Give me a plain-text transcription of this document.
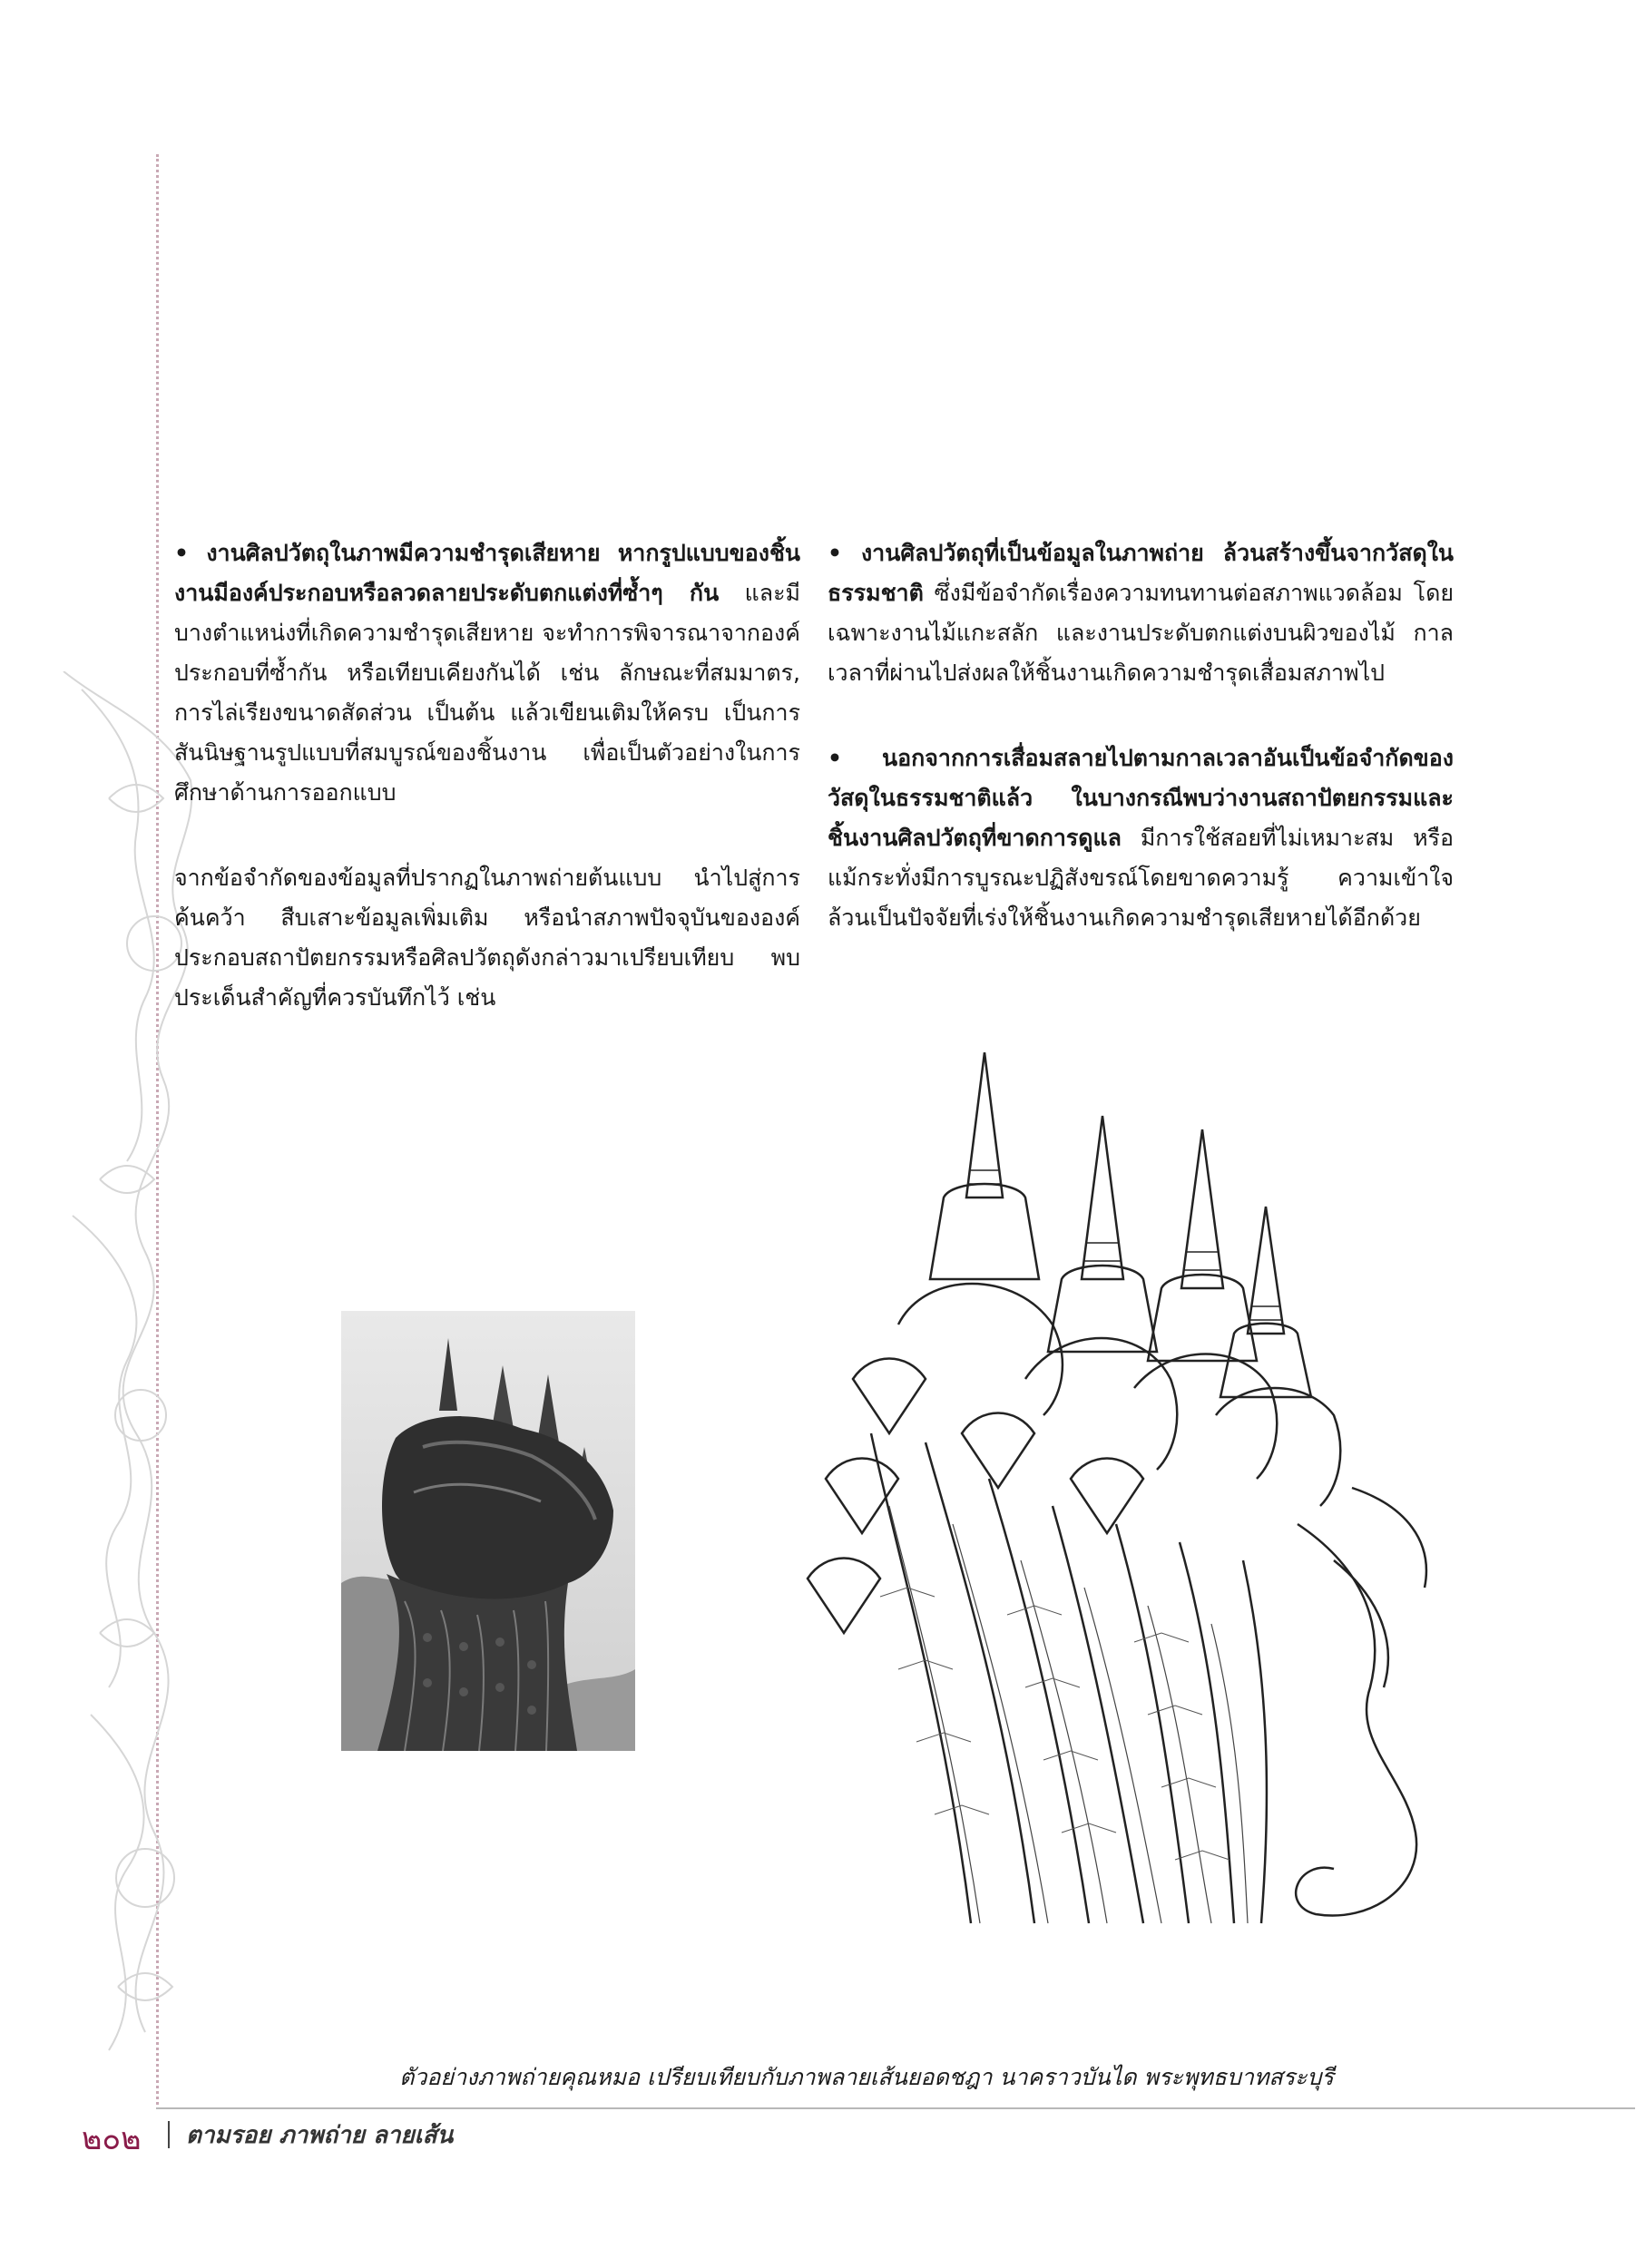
• งานศิลปวัตถุในภาพมีความชำรุดเสียหาย หากรูปแบบของชิ้นงานมีองค์ประกอบหรือลวดลายประดับตกแต่งที่ซ้ำๆ กัน และมีบางตำแหน่งที่เกิดความชำรุดเสียหาย จะทำการพิจารณาจากองค์ประกอบที่ซ้ำกัน หรือเทียบเคียงกันได้ เช่น ลักษณะที่สมมาตร, การไล่เรียงขนาดสัดส่วน เป็นต้น แล้วเขียนเติมให้ครบ เป็นการสันนิษฐานรูปแบบที่สมบูรณ์ของชิ้นงาน เพื่อเป็นตัวอย่างในการศึกษาด้านการออกแบบ

จากข้อจำกัดของข้อมูลที่ปรากฏในภาพถ่ายต้นแบบ นำไปสู่การค้นคว้า สืบเสาะข้อมูลเพิ่มเติม หรือนำสภาพปัจจุบันขององค์ประกอบสถาปัตยกรรมหรือศิลปวัตถุดังกล่าวมาเปรียบเทียบ พบประเด็นสำคัญที่ควรบันทึกไว้ เช่น

• งานศิลปวัตถุที่เป็นข้อมูลในภาพถ่าย ล้วนสร้างขึ้นจากวัสดุในธรรมชาติ ซึ่งมีข้อจำกัดเรื่องความทนทานต่อสภาพแวดล้อม โดยเฉพาะงานไม้แกะสลัก และงานประดับตกแต่งบนผิวของไม้ กาลเวลาที่ผ่านไปส่งผลให้ชิ้นงานเกิดความชำรุดเสื่อมสภาพไป

• นอกจากการเสื่อมสลายไปตามกาลเวลาอันเป็นข้อจำกัดของวัสดุในธรรมชาติแล้ว ในบางกรณีพบว่างานสถาปัตยกรรมและชิ้นงานศิลปวัตถุที่ขาดการดูแล มีการใช้สอยที่ไม่เหมาะสม หรือแม้กระทั่งมีการบูรณะปฏิสังขรณ์โดยขาดความรู้ ความเข้าใจ ล้วนเป็นปัจจัยที่เร่งให้ชิ้นงานเกิดความชำรุดเสียหายได้อีกด้วย

ตัวอย่างภาพถ่ายคุณหมอ เปรียบเทียบกับภาพลายเส้นยอดชฎา นาคราวบันได พระพุทธบาทสระบุรี
๒๐๒ ตามรอย ภาพถ่าย ลายเส้น
